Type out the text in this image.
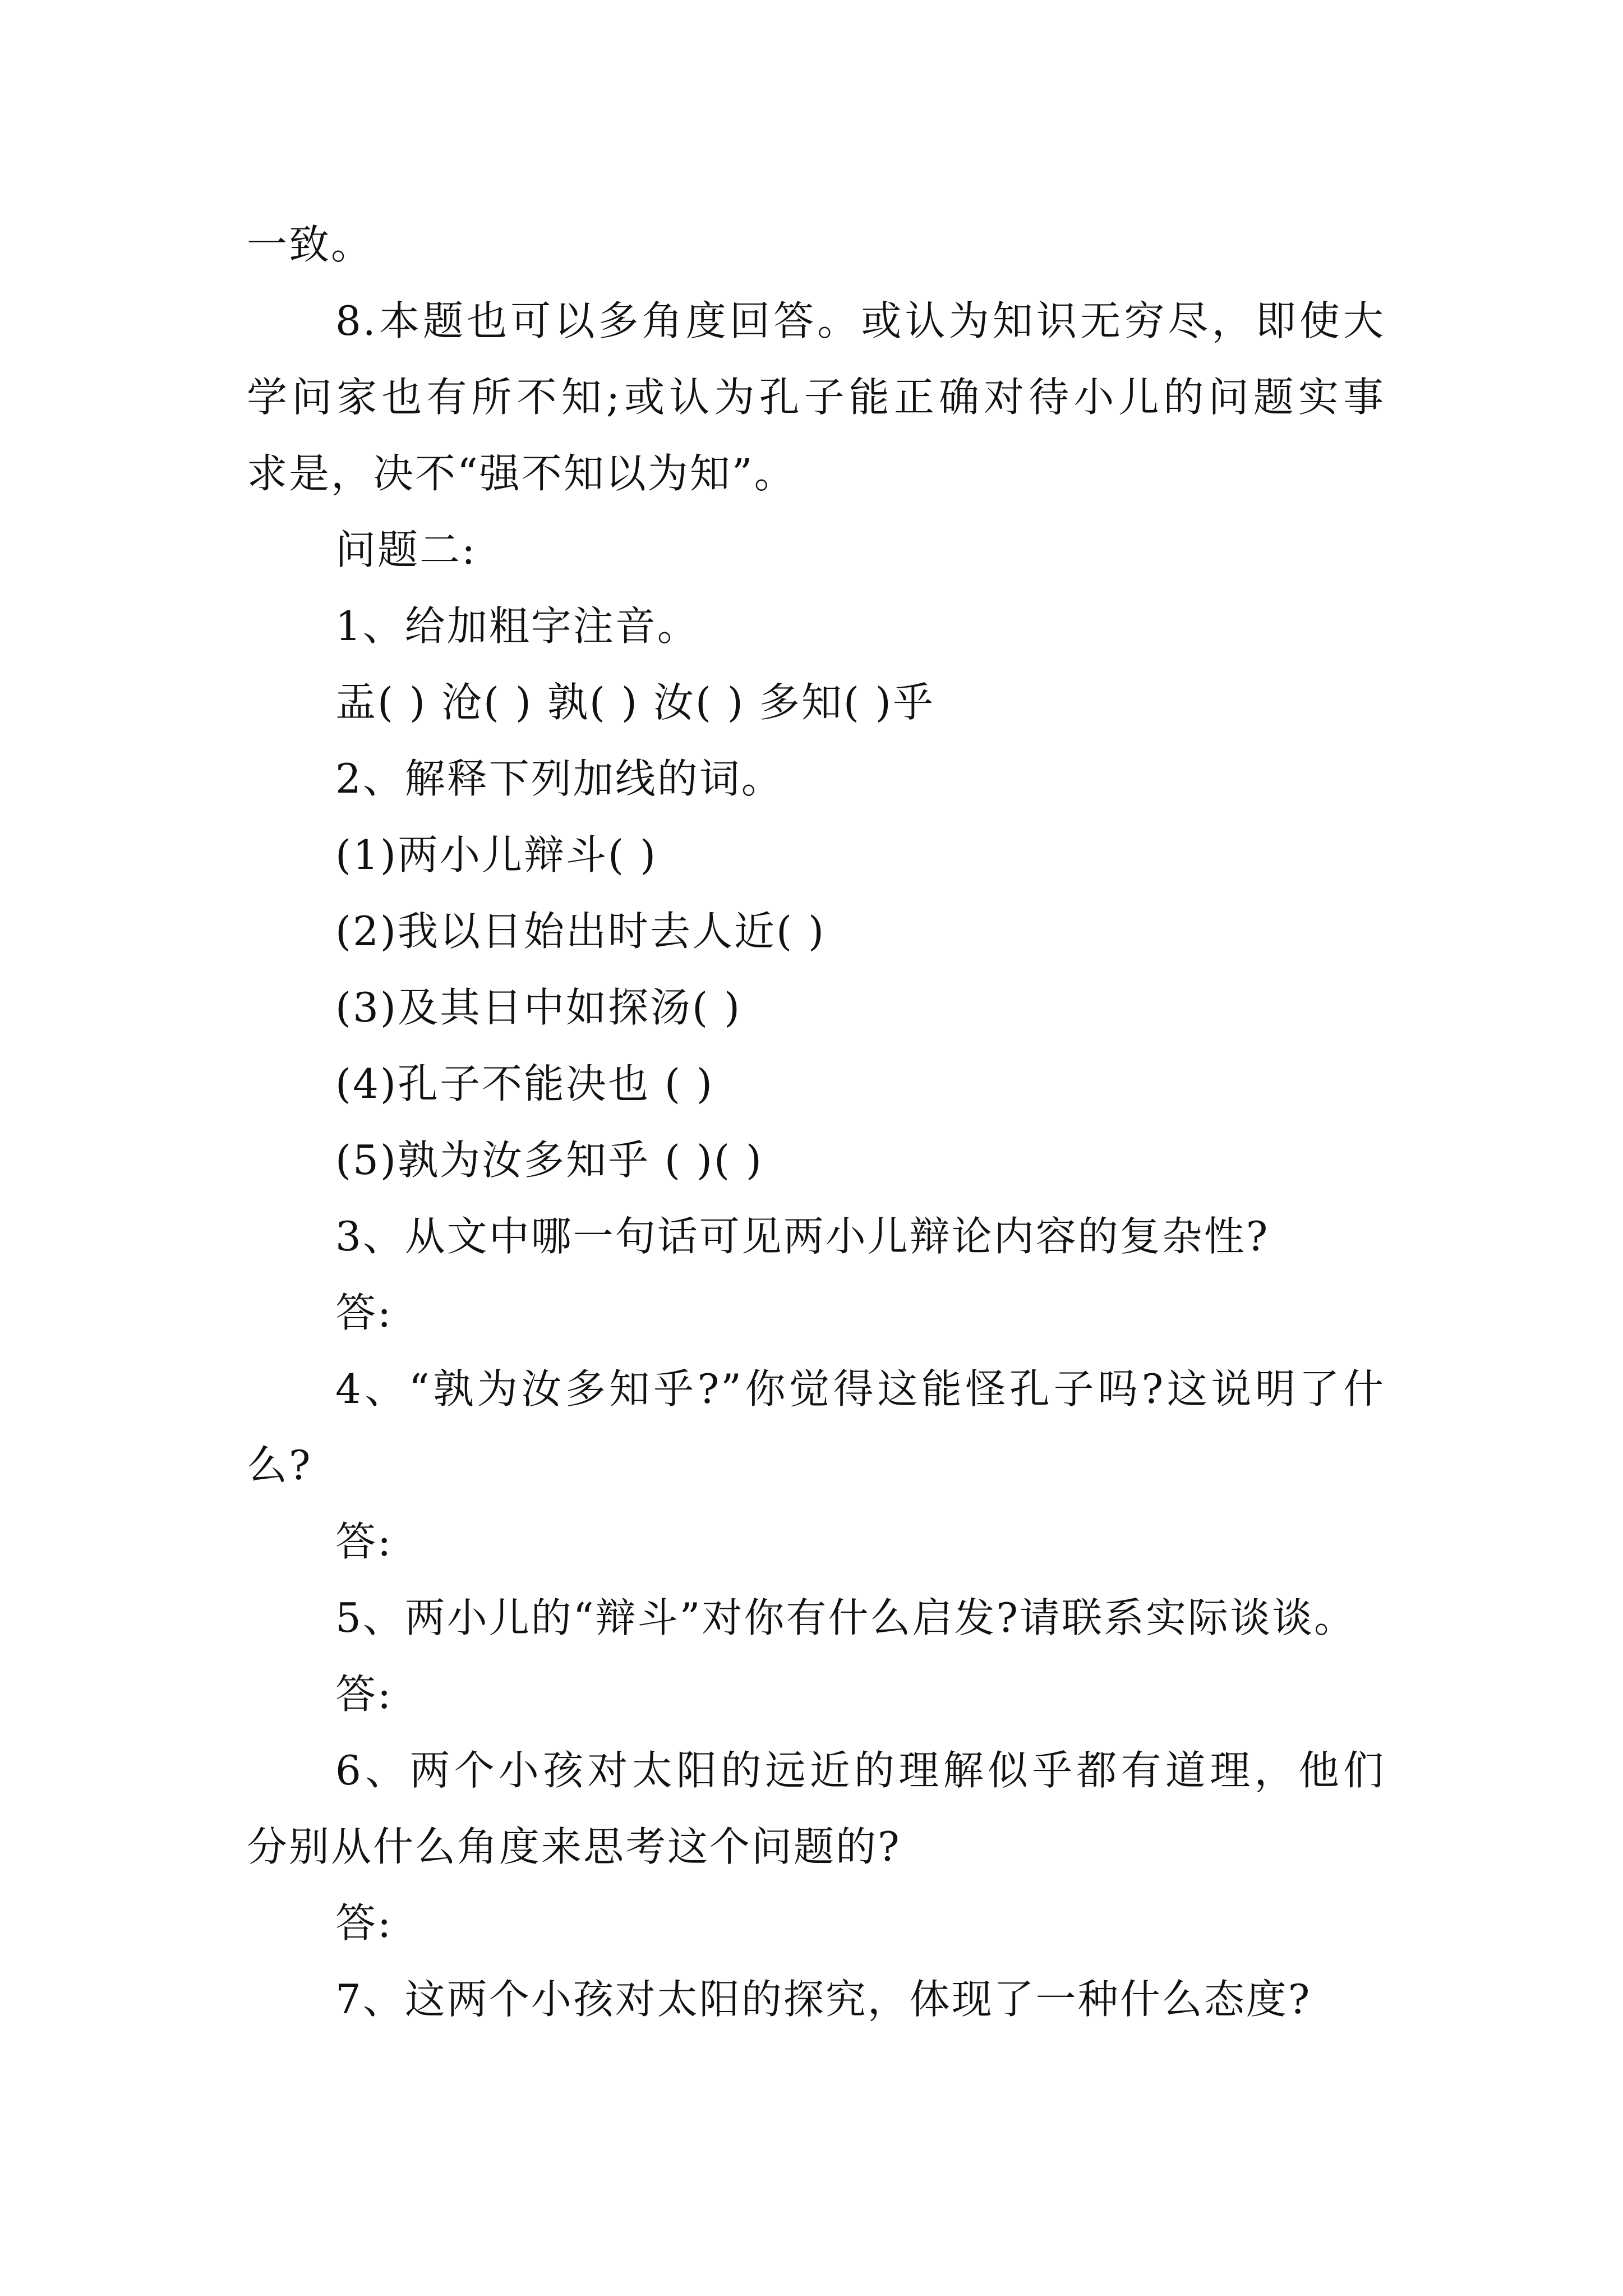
一致。
8.本题也可以多角度回答。或认为知识无穷尽，即使大
学问家也有所不知;或认为孔子能正确对待小儿的问题实事
求是，决不“强不知以为知”。
问题二:
1、给加粗字注音。
盂( ) 沧( ) 孰( ) 汝( ) 多知( )乎
2、解释下列加线的词。
(1)两小儿辩斗( )
(2)我以日始出时去人近( )
(3)及其日中如探汤( )
(4)孔子不能决也 ( )
(5)孰为汝多知乎 ( )( )
3、从文中哪一句话可见两小儿辩论内容的复杂性?
答:
4、“孰为汝多知乎?”你觉得这能怪孔子吗?这说明了什
么?
答:
5、两小儿的“辩斗”对你有什么启发?请联系实际谈谈。
答:
6、两个小孩对太阳的远近的理解似乎都有道理，他们
分别从什么角度来思考这个问题的?
答:
7、这两个小孩对太阳的探究，体现了一种什么态度?
